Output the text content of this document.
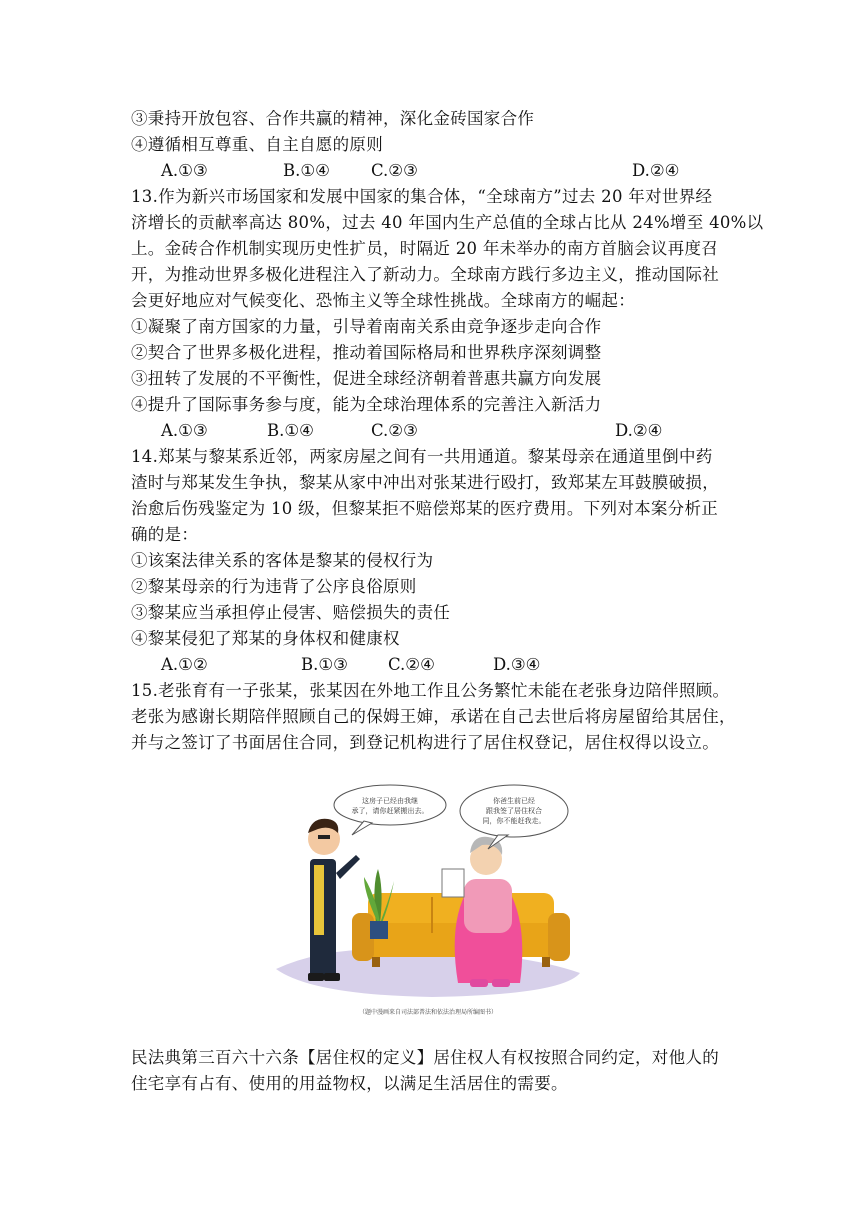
③秉持开放包容、合作共赢的精神，深化金砖国家合作
④遵循相互尊重、自主自愿的原则
A.①③	B.①④ C.②③	D.②④
13.作为新兴市场国家和发展中国家的集合体，“全球南方”过去 20 年对世界经
济增长的贡献率高达 80%，过去 40 年国内生产总值的全球占比从 24%增至 40%以
上。金砖合作机制实现历史性扩员，时隔近 20 年未举办的南方首脑会议再度召
开，为推动世界多极化进程注入了新动力。全球南方践行多边主义，推动国际社
会更好地应对气候变化、恐怖主义等全球性挑战。全球南方的崛起：
①凝聚了南方国家的力量，引导着南南关系由竞争逐步走向合作
②契合了世界多极化进程，推动着国际格局和世界秩序深刻调整
③扭转了发展的不平衡性，促进全球经济朝着普惠共赢方向发展
④提升了国际事务参与度，能为全球治理体系的完善注入新活力
A.①③	B.①④	C.②③	D.②④
14.郑某与黎某系近邻，两家房屋之间有一共用通道。黎某母亲在通道里倒中药
渣时与郑某发生争执，黎某从家中冲出对张某进行殴打，致郑某左耳鼓膜破损，
治愈后伤残鉴定为 10 级，但黎某拒不赔偿郑某的医疗费用。下列对本案分析正
确的是：
①该案法律关系的客体是黎某的侵权行为
②黎某母亲的行为违背了公序良俗原则
③黎某应当承担停止侵害、赔偿损失的责任
④黎某侵犯了郑某的身体权和健康权
A.①②	B.①③ C.②④	D.③④
15.老张育有一子张某，张某因在外地工作且公务繁忙未能在老张身边陪伴照顾。
老张为感谢长期陪伴照顾自己的保姆王婶，承诺在自己去世后将房屋留给其居住，
并与之签订了书面居住合同，到登记机构进行了居住权登记，居住权得以设立。
这房子已经由我继
承了，请你赶紧搬出去。
你爸生前已经
跟我签了居住权合
同，你不能赶我走。
（题中漫画来自司法部普法和依法治理局所编图书）
民法典第三百六十六条【居住权的定义】居住权人有权按照合同约定，对他人的
住宅享有占有、使用的用益物权，以满足生活居住的需要。
